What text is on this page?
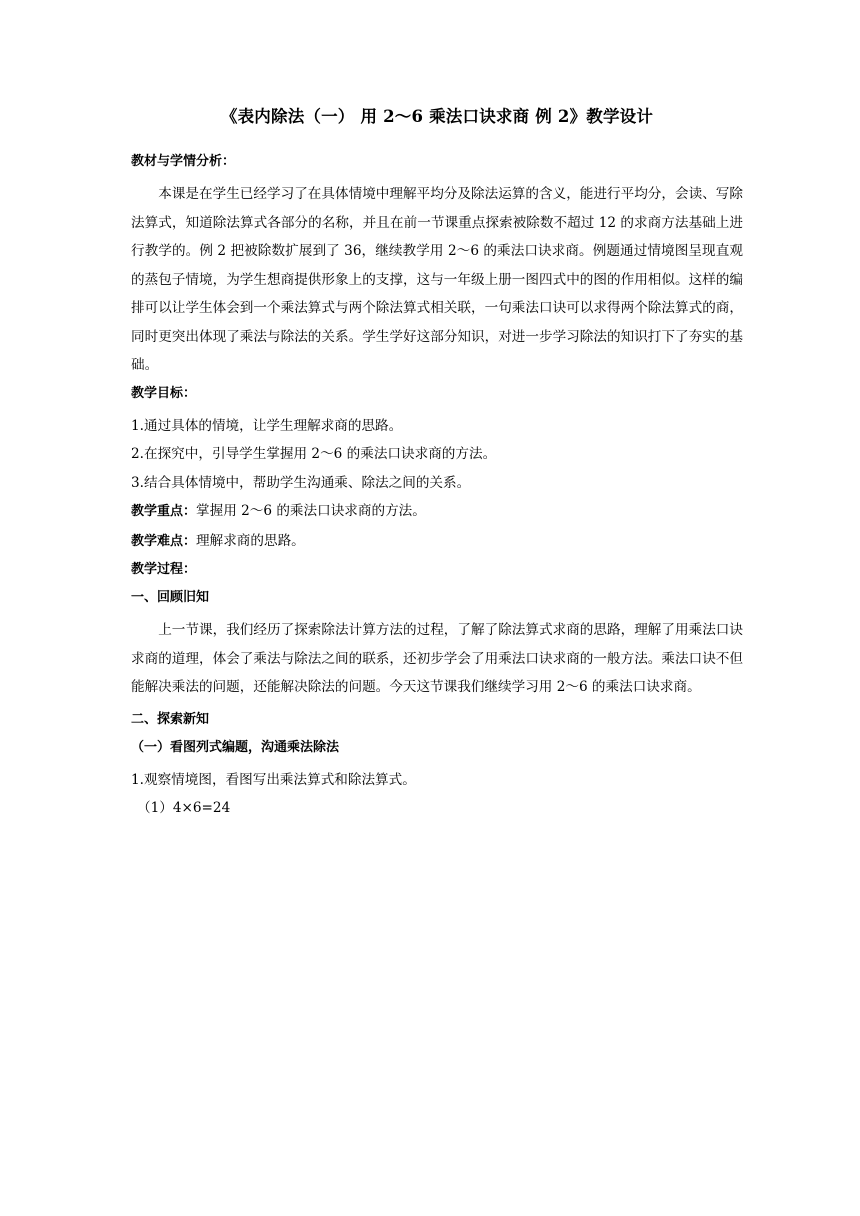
《表内除法（一） 用 2～6 乘法口诀求商 例 2》教学设计
教材与学情分析：

本课是在学生已经学习了在具体情境中理解平均分及除法运算的含义，能进行平均分，会读、写除法算式，知道除法算式各部分的名称，并且在前一节课重点探索被除数不超过 12 的求商方法基础上进行教学的。例 2 把被除数扩展到了 36，继续教学用 2～6 的乘法口诀求商。例题通过情境图呈现直观的蒸包子情境，为学生想商提供形象上的支撑，这与一年级上册一图四式中的图的作用相似。这样的编排可以让学生体会到一个乘法算式与两个除法算式相关联，一句乘法口诀可以求得两个除法算式的商，同时更突出体现了乘法与除法的关系。学生学好这部分知识，对进一步学习除法的知识打下了夯实的基础。

教学目标：

1.通过具体的情境，让学生理解求商的思路。

2.在探究中，引导学生掌握用 2～6 的乘法口诀求商的方法。

3.结合具体情境中，帮助学生沟通乘、除法之间的关系。

教学重点：掌握用 2～6 的乘法口诀求商的方法。

教学难点：理解求商的思路。

教学过程：
一、回顾旧知

上一节课，我们经历了探索除法计算方法的过程，了解了除法算式求商的思路，理解了用乘法口诀求商的道理，体会了乘法与除法之间的联系，还初步学会了用乘法口诀求商的一般方法。乘法口诀不但能解决乘法的问题，还能解决除法的问题。今天这节课我们继续学习用 2～6 的乘法口诀求商。

二、探索新知
（一）看图列式编题，沟通乘法除法

1.观察情境图，看图写出乘法算式和除法算式。

（1）4×6=24
